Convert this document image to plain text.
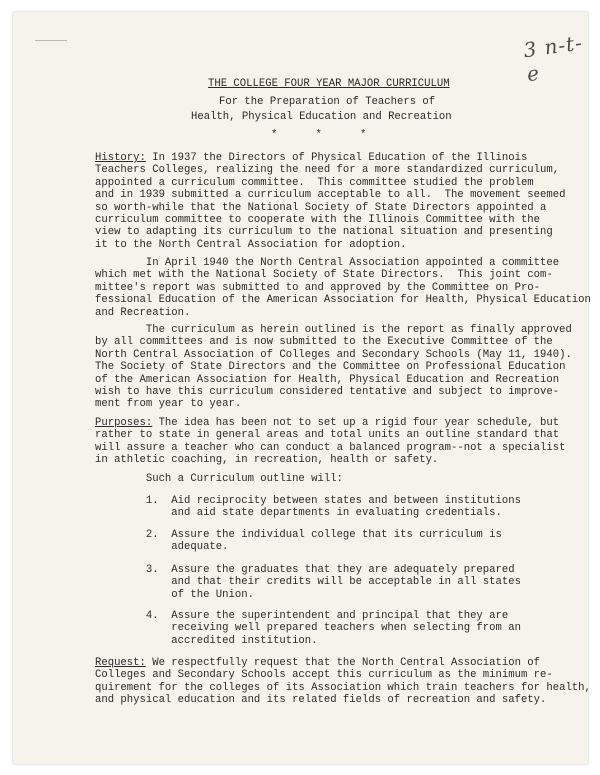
3 n-t-e

THE COLLEGE FOUR YEAR MAJOR CURRICULUM

For the Preparation of Teachers of

Health, Physical Education and Recreation

*      *      *

History: In 1937 the Directors of Physical Education of the Illinois

Teachers Colleges, realizing the need for a more standardized curriculum,

appointed a curriculum committee.  This committee studied the problem

and in 1939 submitted a curriculum acceptable to all.  The movement seemed

so worth-while that the National Society of State Directors appointed a

curriculum committee to cooperate with the Illinois Committee with the

view to adapting its curriculum to the national situation and presenting

it to the North Central Association for adoption.

In April 1940 the North Central Association appointed a committee

which met with the National Society of State Directors.  This joint com-

mittee's report was submitted to and approved by the Committee on Pro-

fessional Education of the American Association for Health, Physical Education

and Recreation.

The curriculum as herein outlined is the report as finally approved

by all committees and is now submitted to the Executive Committee of the

North Central Association of Colleges and Secondary Schools (May 11, 1940).

The Society of State Directors and the Committee on Professional Education

of the American Association for Health, Physical Education and Recreation

wish to have this curriculum considered tentative and subject to improve-

ment from year to year.

Purposes: The idea has been not to set up a rigid four year schedule, but

rather to state in general areas and total units an outline standard that

will assure a teacher who can conduct a balanced program--not a specialist

in athletic coaching, in recreation, health or safety.

Such a Curriculum outline will:

1.  Aid reciprocity between states and between institutions

and aid state departments in evaluating credentials.

2.  Assure the individual college that its curriculum is

adequate.

3.  Assure the graduates that they are adequately prepared

and that their credits will be acceptable in all states

of the Union.

4.  Assure the superintendent and principal that they are

receiving well prepared teachers when selecting from an

accredited institution.

Request: We respectfully request that the North Central Association of

Colleges and Secondary Schools accept this curriculum as the minimum re-

quirement for the colleges of its Association which train teachers for health,

and physical education and its related fields of recreation and safety.
